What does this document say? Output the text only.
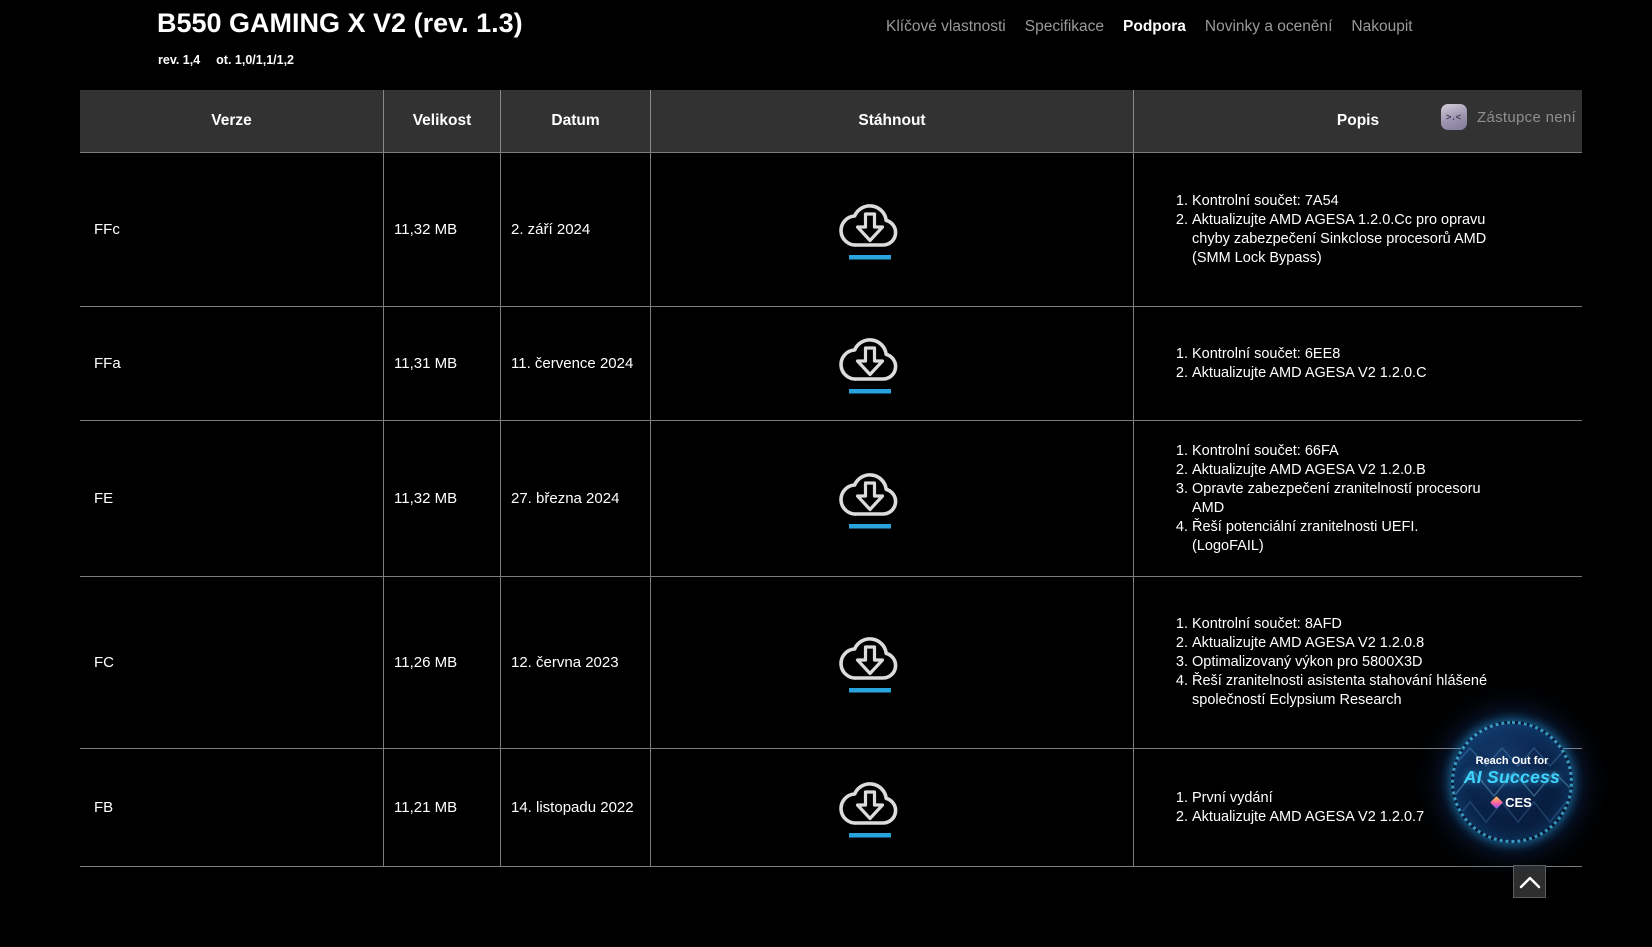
B550 GAMING X V2 (rev. 1.3)
rev. 1,4 ot. 1,0/1,1/1,2
Klíčové vlastnosti Specifikace Podpora Novinky a ocenění Nakoupit
>.<	Zástupce není
Verze	Velikost	Datum	Stáhnout	Popis
FFc	11,32 MB	2. září 2024
1. Kontrolní součet: 7A54
2. Aktualizujte AMD AGESA 1.2.0.Cc pro opravu chyby zabezpečení Sinkclose procesorů AMD (SMM Lock Bypass)
FFa	11,31 MB	11. července 2024
1. Kontrolní součet: 6EE8
2. Aktualizujte AMD AGESA V2 1.2.0.C
FE	11,32 MB	27. března 2024
1. Kontrolní součet: 66FA
2. Aktualizujte AMD AGESA V2 1.2.0.B
3. Opravte zabezpečení zranitelností procesoru AMD
4. Řeší potenciální zranitelnosti UEFI. (LogoFAIL)
FC	11,26 MB	12. června 2023
1. Kontrolní součet: 8AFD
2. Aktualizujte AMD AGESA V2 1.2.0.8
3. Optimalizovaný výkon pro 5800X3D
4. Řeší zranitelnosti asistenta stahování hlášené společností Eclypsium Research
FB	11,21 MB	14. listopadu 2022
1. První vydání
2. Aktualizujte AMD AGESA V2 1.2.0.7
Reach Out for
AI Success
CES
